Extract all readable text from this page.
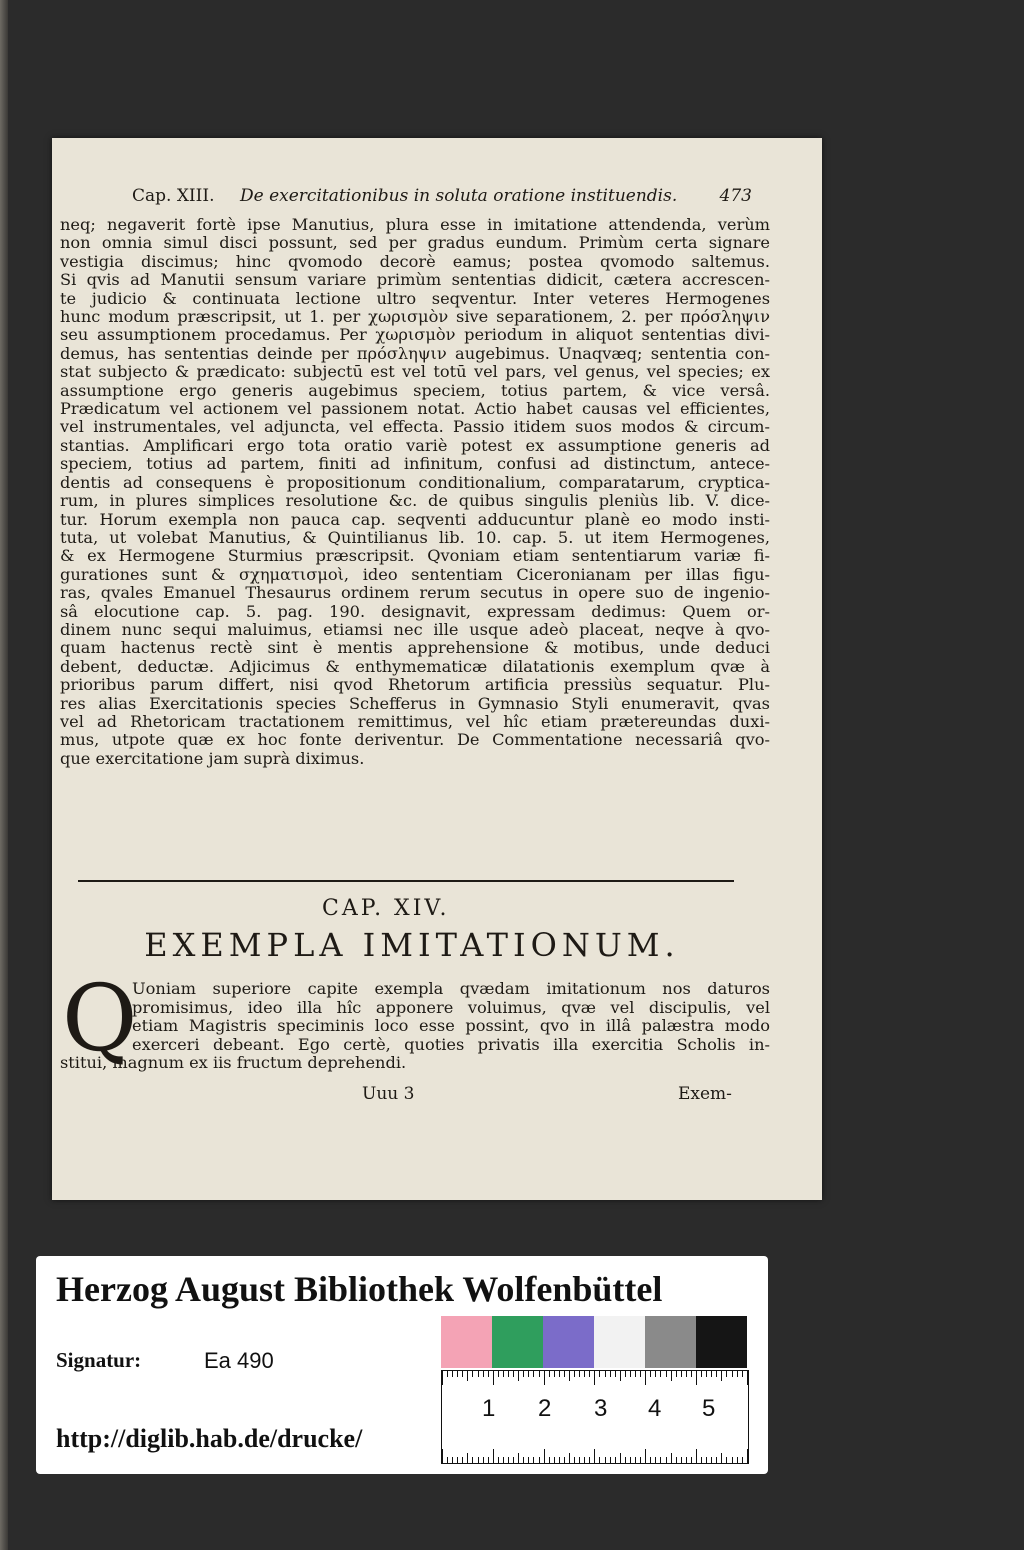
Cap. XIII. De exercitationibus in soluta oratione instituendis. 473
neq; negaverit fortè ipse Manutius, plura esse in imitatione attendenda, verùm
non omnia simul disci possunt, sed per gradus eundum. Primùm certa signare
vestigia discimus; hinc qvomodo decorè eamus; postea qvomodo saltemus.
Si qvis ad Manutii sensum variare primùm sententias didicit, cætera accrescen-
te judicio & continuata lectione ultro seqventur. Inter veteres Hermogenes
hunc modum præscripsit, ut 1. per χωρισμὸν sive separationem, 2. per πρόσληψιν
seu assumptionem procedamus. Per χωρισμὸν periodum in aliquot sententias divi-
demus, has sententias deinde per πρόσληψιν augebimus. Unaqvæq; sententia con-
stat subjecto & prædicato: subjectū est vel totū vel pars, vel genus, vel species; ex
assumptione ergo generis augebimus speciem, totius partem, & vice versâ.
Prædicatum vel actionem vel passionem notat. Actio habet causas vel efficientes,
vel instrumentales, vel adjuncta, vel effecta. Passio itidem suos modos & circum-
stantias. Amplificari ergo tota oratio variè potest ex assumptione generis ad
speciem, totius ad partem, finiti ad infinitum, confusi ad distinctum, antece-
dentis ad consequens è propositionum conditionalium, comparatarum, cryptica-
rum, in plures simplices resolutione &c. de quibus singulis pleniùs lib. V. dice-
tur. Horum exempla non pauca cap. seqventi adducuntur planè eo modo insti-
tuta, ut volebat Manutius, & Quintilianus lib. 10. cap. 5. ut item Hermogenes,
& ex Hermogene Sturmius præscripsit. Qvoniam etiam sententiarum variæ fi-
gurationes sunt & σχηματισμοὶ, ideo sententiam Ciceronianam per illas figu-
ras, qvales Emanuel Thesaurus ordinem rerum secutus in opere suo de ingenio-
sâ elocutione cap. 5. pag. 190. designavit, expressam dedimus: Quem or-
dinem nunc sequi maluimus, etiamsi nec ille usque adeò placeat, neqve à qvo-
quam hactenus rectè sint è mentis apprehensione & motibus, unde deduci
debent, deductæ. Adjicimus & enthymematicæ dilatationis exemplum qvæ à
prioribus parum differt, nisi qvod Rhetorum artificia pressiùs sequatur. Plu-
res alias Exercitationis species Schefferus in Gymnasio Styli enumeravit, qvas
vel ad Rhetoricam tractationem remittimus, vel hîc etiam prætereundas duxi-
mus, utpote quæ ex hoc fonte deriventur. De Commentatione necessariâ qvo-
que exercitatione jam suprà diximus.
CAP. XIV.
EXEMPLA IMITATIONUM.
Q
Uoniam superiore capite exempla qvædam imitationum nos daturos
promisimus, ideo illa hîc apponere voluimus, qvæ vel discipulis, vel
etiam Magistris speciminis loco esse possint, qvo in illâ palæstra modo
exerceri debeant. Ego certè, quoties privatis illa exercitia Scholis in-
stitui, magnum ex iis fructum deprehendi.
Uuu 3	Exem-
Herzog August Bibliothek Wolfenbüttel
Signatur:	Ea 490
http://diglib.hab.de/drucke/
1 2 3 4 5
